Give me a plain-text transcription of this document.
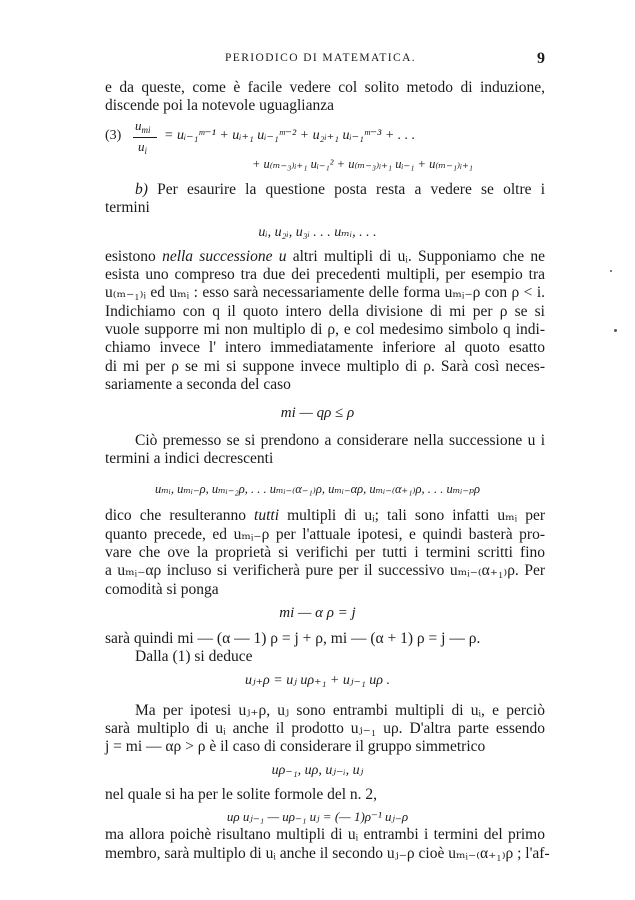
PERIODICO DI MATEMATICA.	9
e da queste, come è facile vedere col solito metodo di induzione,
discende poi la notevole uguaglianza
(3)
$u_{mi}$
$u_i$
= uᵢ₋₁ᵐ⁻¹ + uᵢ₊₁ uᵢ₋₁ᵐ⁻² + u₂ᵢ₊₁ uᵢ₋₁ᵐ⁻³ + . . .
+ u₍ₘ₋₃₎ᵢ₊₁ uᵢ₋₁² + u₍ₘ₋₃₎ᵢ₊₁ uᵢ₋₁ + u₍ₘ₋₁₎ᵢ₊₁
b) Per esaurire la questione posta resta a vedere se oltre i
termini
uᵢ, u₂ᵢ, u₃ᵢ . . . uₘᵢ, . . .
esistono nella successione u altri multipli di uᵢ. Supponiamo che ne
esista uno compreso tra due dei precedenti multipli, per esempio tra
u₍ₘ₋₁₎ᵢ ed uₘᵢ : esso sarà necessariamente delle forma uₘᵢ₋ρ con ρ < i.
Indichiamo con q il quoto intero della divisione di mi per ρ se si
vuole supporre mi non multiplo di ρ, e col medesimo simbolo q indi-
chiamo invece l' intero immediatamente inferiore al quoto esatto
di mi per ρ se mi si suppone invece multiplo di ρ. Sarà così neces-
sariamente a seconda del caso
mi — qρ ≤ ρ
Ciò premesso se si prendono a considerare nella successione u i
termini a indici decrescenti
uₘᵢ, uₘᵢ₋ρ, uₘᵢ₋₂ρ, . . . uₘᵢ₋₍α₋₁₎ρ, uₘᵢ₋αρ, uₘᵢ₋₍α₊₁₎ρ, . . . uₘᵢ₋ₚρ
dico che resulteranno tutti multipli di uᵢ; tali sono infatti uₘᵢ per
quanto precede, ed uₘᵢ₋ρ per l'attuale ipotesi, e quindi basterà pro-
vare che ove la proprietà si verifichi per tutti i termini scritti fino
a uₘᵢ₋αρ incluso si verificherà pure per il successivo uₘᵢ₋₍α₊₁₎ρ. Per
comodità si ponga
mi — α ρ = j
sarà quindi mi — (α — 1) ρ = j + ρ, mi — (α + 1) ρ = j — ρ.
Dalla (1) si deduce
uⱼ₊ρ = uⱼ uρ₊₁ + uⱼ₋₁ uρ .
Ma per ipotesi uⱼ₊ρ, uⱼ sono entrambi multipli di uᵢ, e perciò
sarà multiplo di uᵢ anche il prodotto uⱼ₋₁ uρ. D'altra parte essendo
j = mi — αρ > ρ è il caso di considerare il gruppo simmetrico
uρ₋₁, uρ, uⱼ₋ᵢ, uⱼ
nel quale si ha per le solite formole del n. 2,
uρ uⱼ₋₁ — uρ₋₁ uⱼ = (— 1)ρ⁻¹ uⱼ₋ρ
ma allora poichè risultano multipli di uᵢ entrambi i termini del primo
membro, sarà multiplo di uᵢ anche il secondo uⱼ₋ρ cioè uₘᵢ₋₍α₊₁₎ρ ; l'af-
